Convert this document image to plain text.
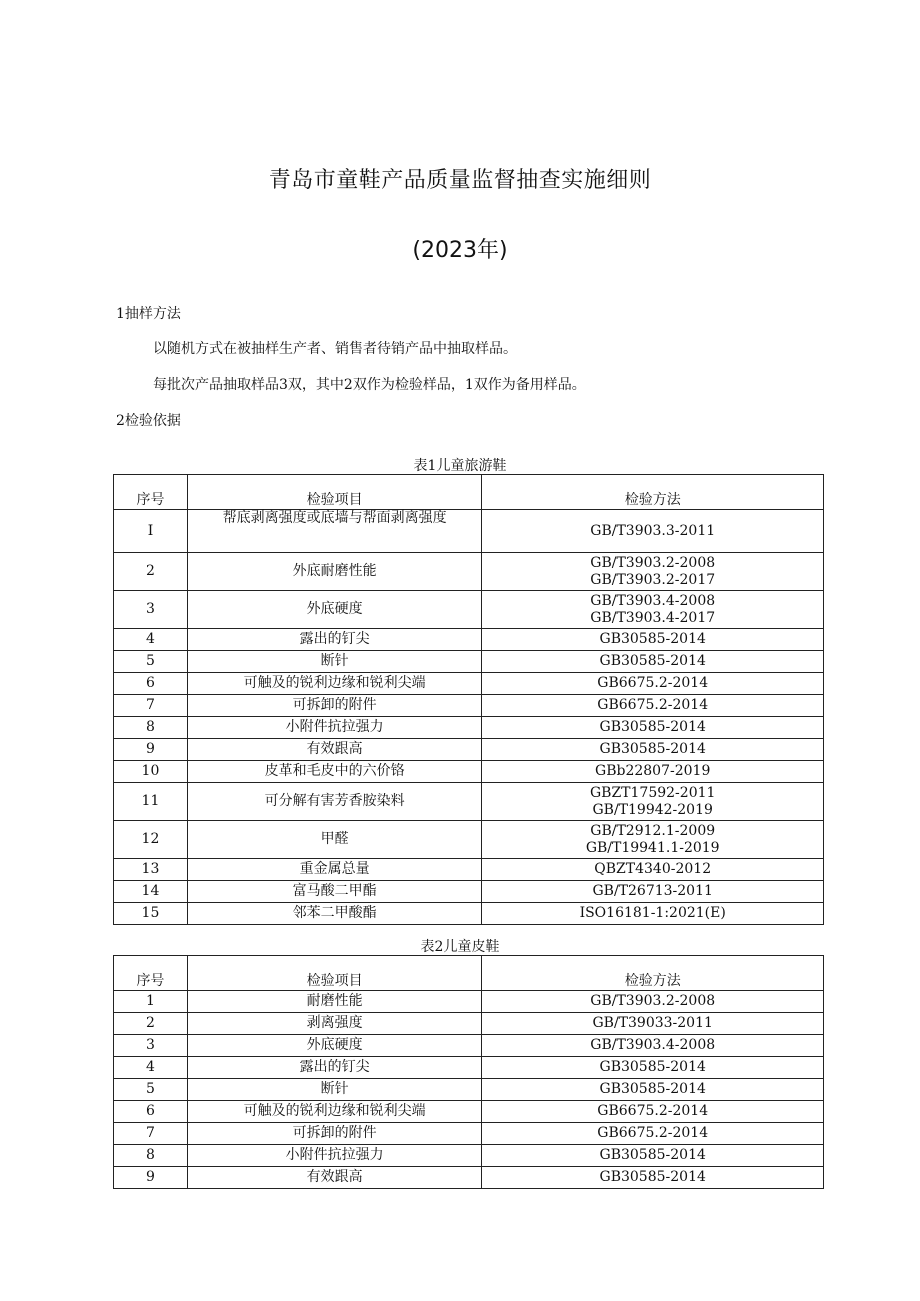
青岛市童鞋产品质量监督抽查实施细则
(2023年)
1抽样方法
以随机方式在被抽样生产者、销售者待销产品中抽取样品。
每批次产品抽取样品3双，其中2双作为检验样品，1双作为备用样品。
2检验依据
表1儿童旅游鞋
序号	检验项目	检验方法
I	帮底剥离强度或底墙与帮面剥离强度	GB/T3903.3-2011

2	外底耐磨性能	GB/T3903.2-2008
GB/T3903.2-2017

3	外底硬度	GB/T3903.4-2008
GB/T3903.4-2017

4	露出的钉尖	GB30585-2014

5	断针	GB30585-2014

6	可触及的锐利边缘和锐利尖端	GB6675.2-2014

7	可拆卸的附件	GB6675.2-2014

8	小附件抗拉强力	GB30585-2014

9	有效跟高	GB30585-2014

10	皮革和毛皮中的六价铬	GBb22807-2019

11	可分解有害芳香胺染料	GBZT17592-2011
GB/T19942-2019

12	甲醛	GB/T2912.1-2009
GB/T19941.1-2019

13	重金属总量	QBZT4340-2012

14	富马酸二甲酯	GB/T26713-2011

15	邻苯二甲酸酯	ISO16181-1:2021(E)
表2儿童皮鞋
序号	检验项目	检验方法
1	耐磨性能	GB/T3903.2-2008

2	剥离强度	GB/T39033-2011

3	外底硬度	GB/T3903.4-2008

4	露出的钉尖	GB30585-2014

5	断针	GB30585-2014

6	可触及的锐利边缘和锐利尖端	GB6675.2-2014

7	可拆卸的附件	GB6675.2-2014

8	小附件抗拉强力	GB30585-2014

9	有效跟高	GB30585-2014
